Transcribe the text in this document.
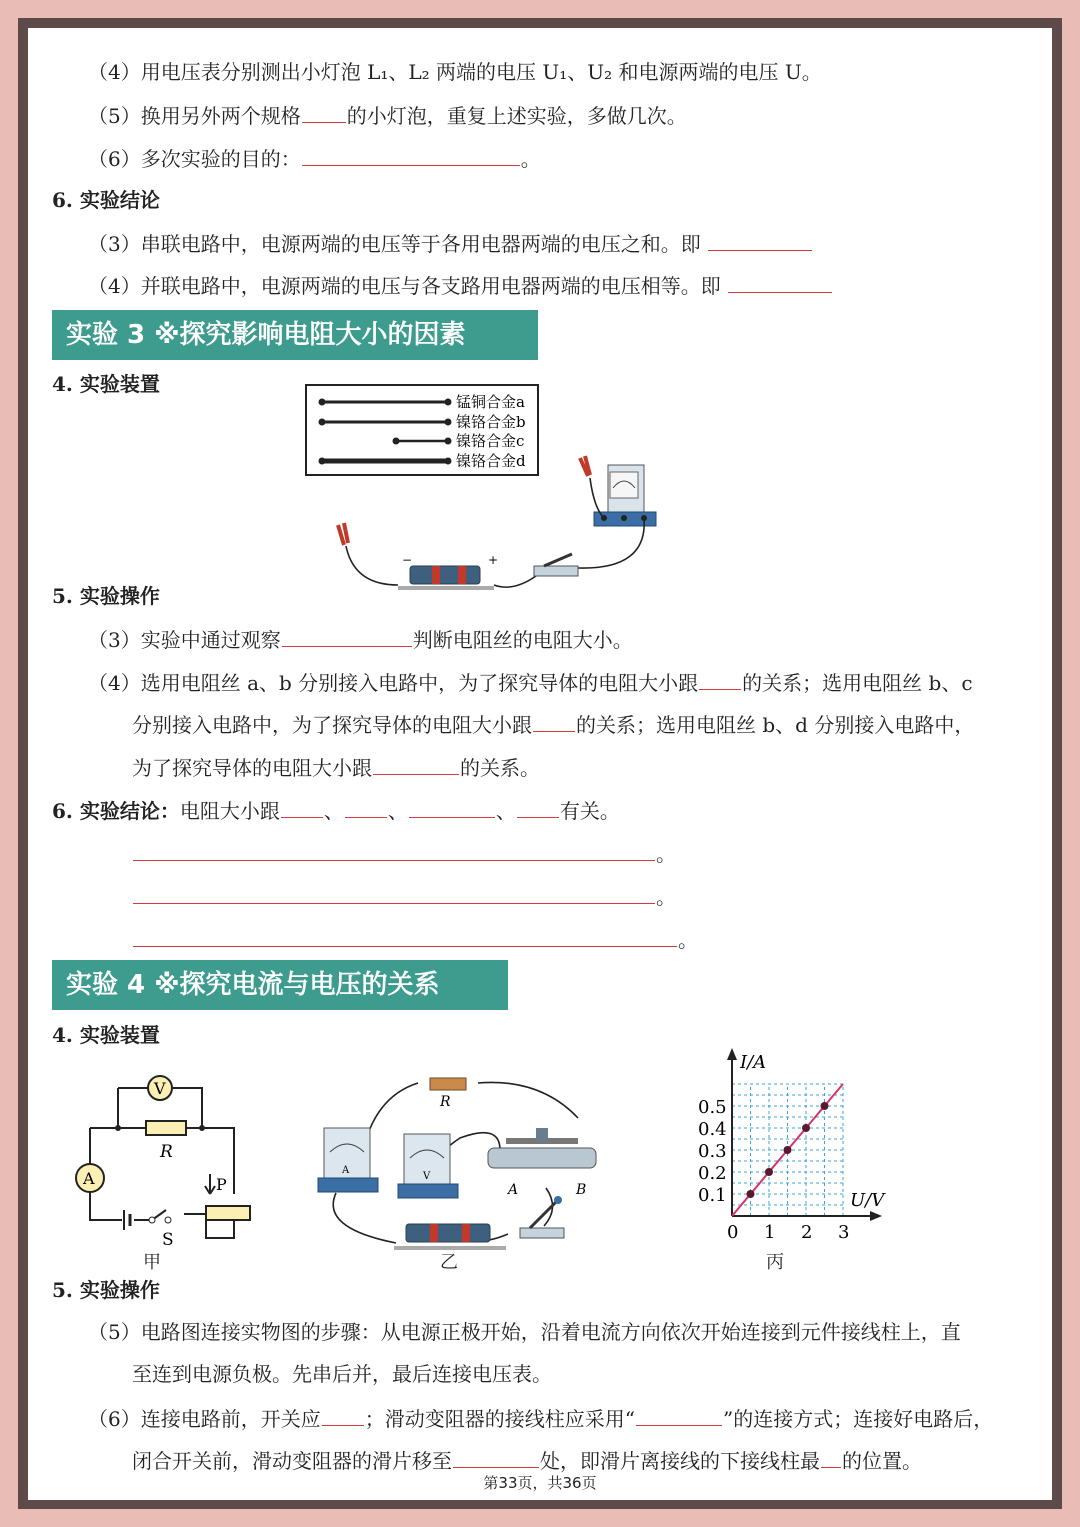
（4）用电压表分别测出小灯泡 L₁、L₂ 两端的电压 U₁、U₂ 和电源两端的电压 U。
（5）换用另外两个规格 的小灯泡，重复上述实验，多做几次。
（6）多次实验的目的：	。
6. 实验结论
（3）串联电路中，电源两端的电压等于各用电器两端的电压之和。即
（4）并联电路中，电源两端的电压与各支路用电器两端的电压相等。即
实验 3 ※探究影响电阻大小的因素
4. 实验装置
锰铜合金a
镍铬合金b
镍铬合金c
镍铬合金d
−	+
5. 实验操作
（3）实验中通过观察	判断电阻丝的电阻大小。
（4）选用电阻丝 a、b 分别接入电路中，为了探究导体的电阻大小跟 的关系；选用电阻丝 b、c
分别接入电路中，为了探究导体的电阻大小跟 的关系；选用电阻丝 b、d 分别接入电路中，
为了探究导体的电阻大小跟	的关系。
6. 实验结论：电阻大小跟 、 、	、 有关。
。
。
。
实验 4 ※探究电流与电压的关系
4. 实验装置
V
R
A
S
P
甲
R
A
V
A	B
乙
0 1 2 3
0.1
0.2
0.3
0.4
0.5
U/V
I/A
丙
5. 实验操作
（5）电路图连接实物图的步骤：从电源正极开始，沿着电流方向依次开始连接到元件接线柱上，直
至连到电源负极。先串后并，最后连接电压表。
（6）连接电路前，开关应 ；滑动变阻器的接线柱应采用“	”的连接方式；连接好电路后，
闭合开关前，滑动变阻器的滑片移至	处，即滑片离接线的下接线柱最 的位置。
第33页，共36页
